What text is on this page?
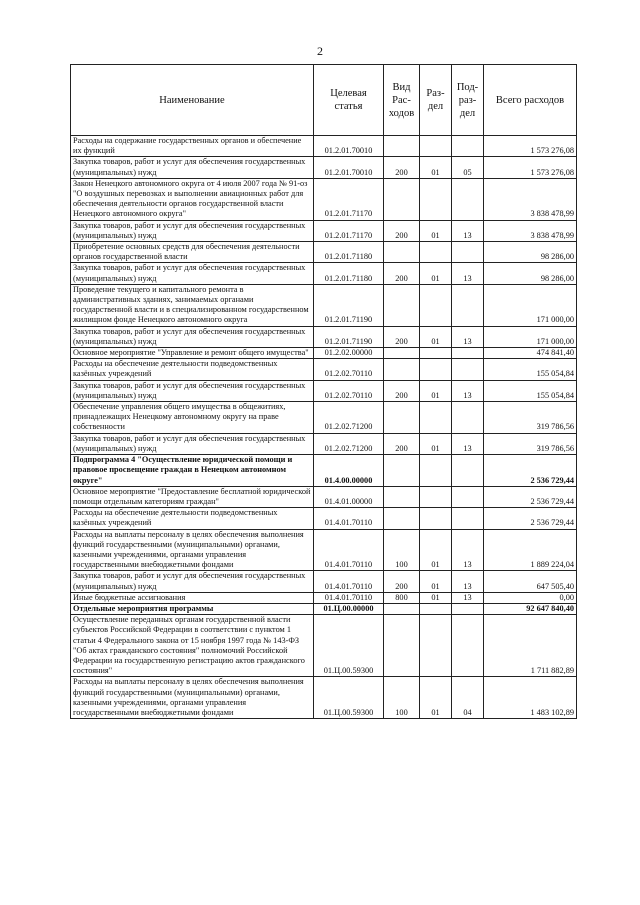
2
Наименование	Целевая статья	Вид Рас-ходов	Раз-дел	Под-раз-дел	Всего расходов
Расходы на содержание государственных органов и обеспечение их функций	01.2.01.70010				1 573 276,08
Закупка товаров, работ и услуг для обеспечения государственных (муниципальных) нужд	01.2.01.70010	200	01	05	1 573 276,08
Закон Ненецкого автономного округа от 4 июля 2007 года № 91-оз "О воздушных перевозках и выполнении авиационных работ для обеспечения деятельности органов государственной власти Ненецкого автономного округа"	01.2.01.71170				3 838 478,99
Закупка товаров, работ и услуг для обеспечения государственных (муниципальных) нужд	01.2.01.71170	200	01	13	3 838 478,99
Приобретение основных средств для обеспечения деятельности органов государственной власти	01.2.01.71180				98 286,00
Закупка товаров, работ и услуг для обеспечения государственных (муниципальных) нужд	01.2.01.71180	200	01	13	98 286,00
Проведение текущего и капитального ремонта в административных зданиях, занимаемых органами государственной власти и в специализированном государственном жилищном фонде Ненецкого автономного округа	01.2.01.71190				171 000,00
Закупка товаров, работ и услуг для обеспечения государственных (муниципальных) нужд	01.2.01.71190	200	01	13	171 000,00
Основное мероприятие "Управление и ремонт общего имущества"	01.2.02.00000				474 841,40
Расходы на обеспечение деятельности подведомственных казённых учреждений	01.2.02.70110				155 054,84
Закупка товаров, работ и услуг для обеспечения государственных (муниципальных) нужд	01.2.02.70110	200	01	13	155 054,84
Обеспечение управления общего имущества в общежитиях, принадлежащих Ненецкому автономному округу на праве собственности	01.2.02.71200				319 786,56
Закупка товаров, работ и услуг для обеспечения государственных (муниципальных) нужд	01.2.02.71200	200	01	13	319 786,56
Подпрограмма 4 "Осуществление юридической помощи и правовое просвещение граждан в Ненецком автономном округе"	01.4.00.00000				2 536 729,44
Основное мероприятие "Предоставление бесплатной юридической помощи отдельным категориям граждан"	01.4.01.00000				2 536 729,44
Расходы на обеспечение деятельности подведомственных казённых учреждений	01.4.01.70110				2 536 729,44
Расходы на выплаты персоналу в целях обеспечения выполнения функций государственными (муниципальными) органами, казенными учреждениями, органами управления государственными внебюджетными фондами	01.4.01.70110	100	01	13	1 889 224,04
Закупка товаров, работ и услуг для обеспечения государственных (муниципальных) нужд	01.4.01.70110	200	01	13	647 505,40
Иные бюджетные ассигнования	01.4.01.70110	800	01	13	0,00
Отдельные мероприятия программы	01.Ц.00.00000				92 647 840,40
Осуществление переданных органам государственной власти субъектов Российской Федерации в соответствии с пунктом 1 статьи 4 Федерального закона от 15 ноября 1997 года № 143-ФЗ "Об актах гражданского состояния" полномочий Российской Федерации на государственную регистрацию актов гражданского состояния"	01.Ц.00.59300				1 711 882,89
Расходы на выплаты персоналу в целях обеспечения выполнения функций государственными (муниципальными) органами, казенными учреждениями, органами управления государственными внебюджетными фондами	01.Ц.00.59300	100	01	04	1 483 102,89
